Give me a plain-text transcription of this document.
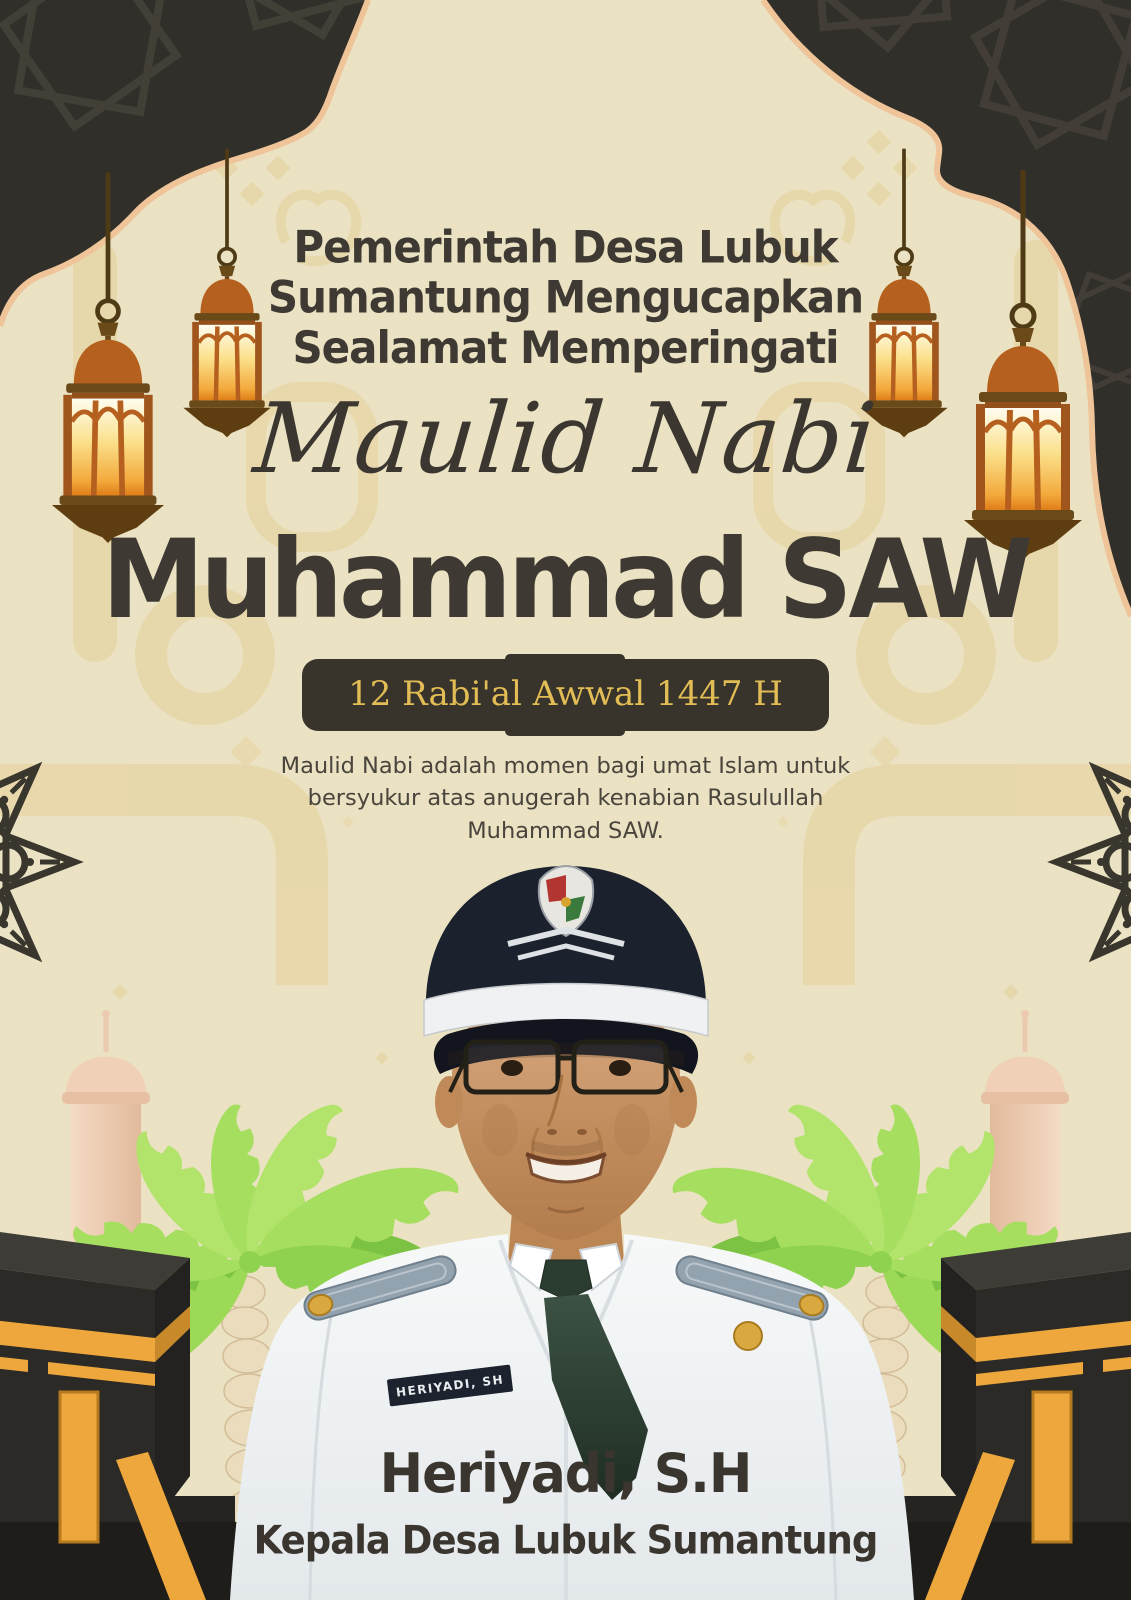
HERIYADI, SH
Pemerintah Desa Lubuk
Sumantung Mengucapkan
Sealamat Memperingati
Maulid Nabi
Muhammad SAW
12 Rabi'al Awwal 1447 H
Maulid Nabi adalah momen bagi umat Islam untuk
bersyukur atas anugerah kenabian Rasulullah
Muhammad SAW.
Heriyadi, S.H
Kepala Desa Lubuk Sumantung
